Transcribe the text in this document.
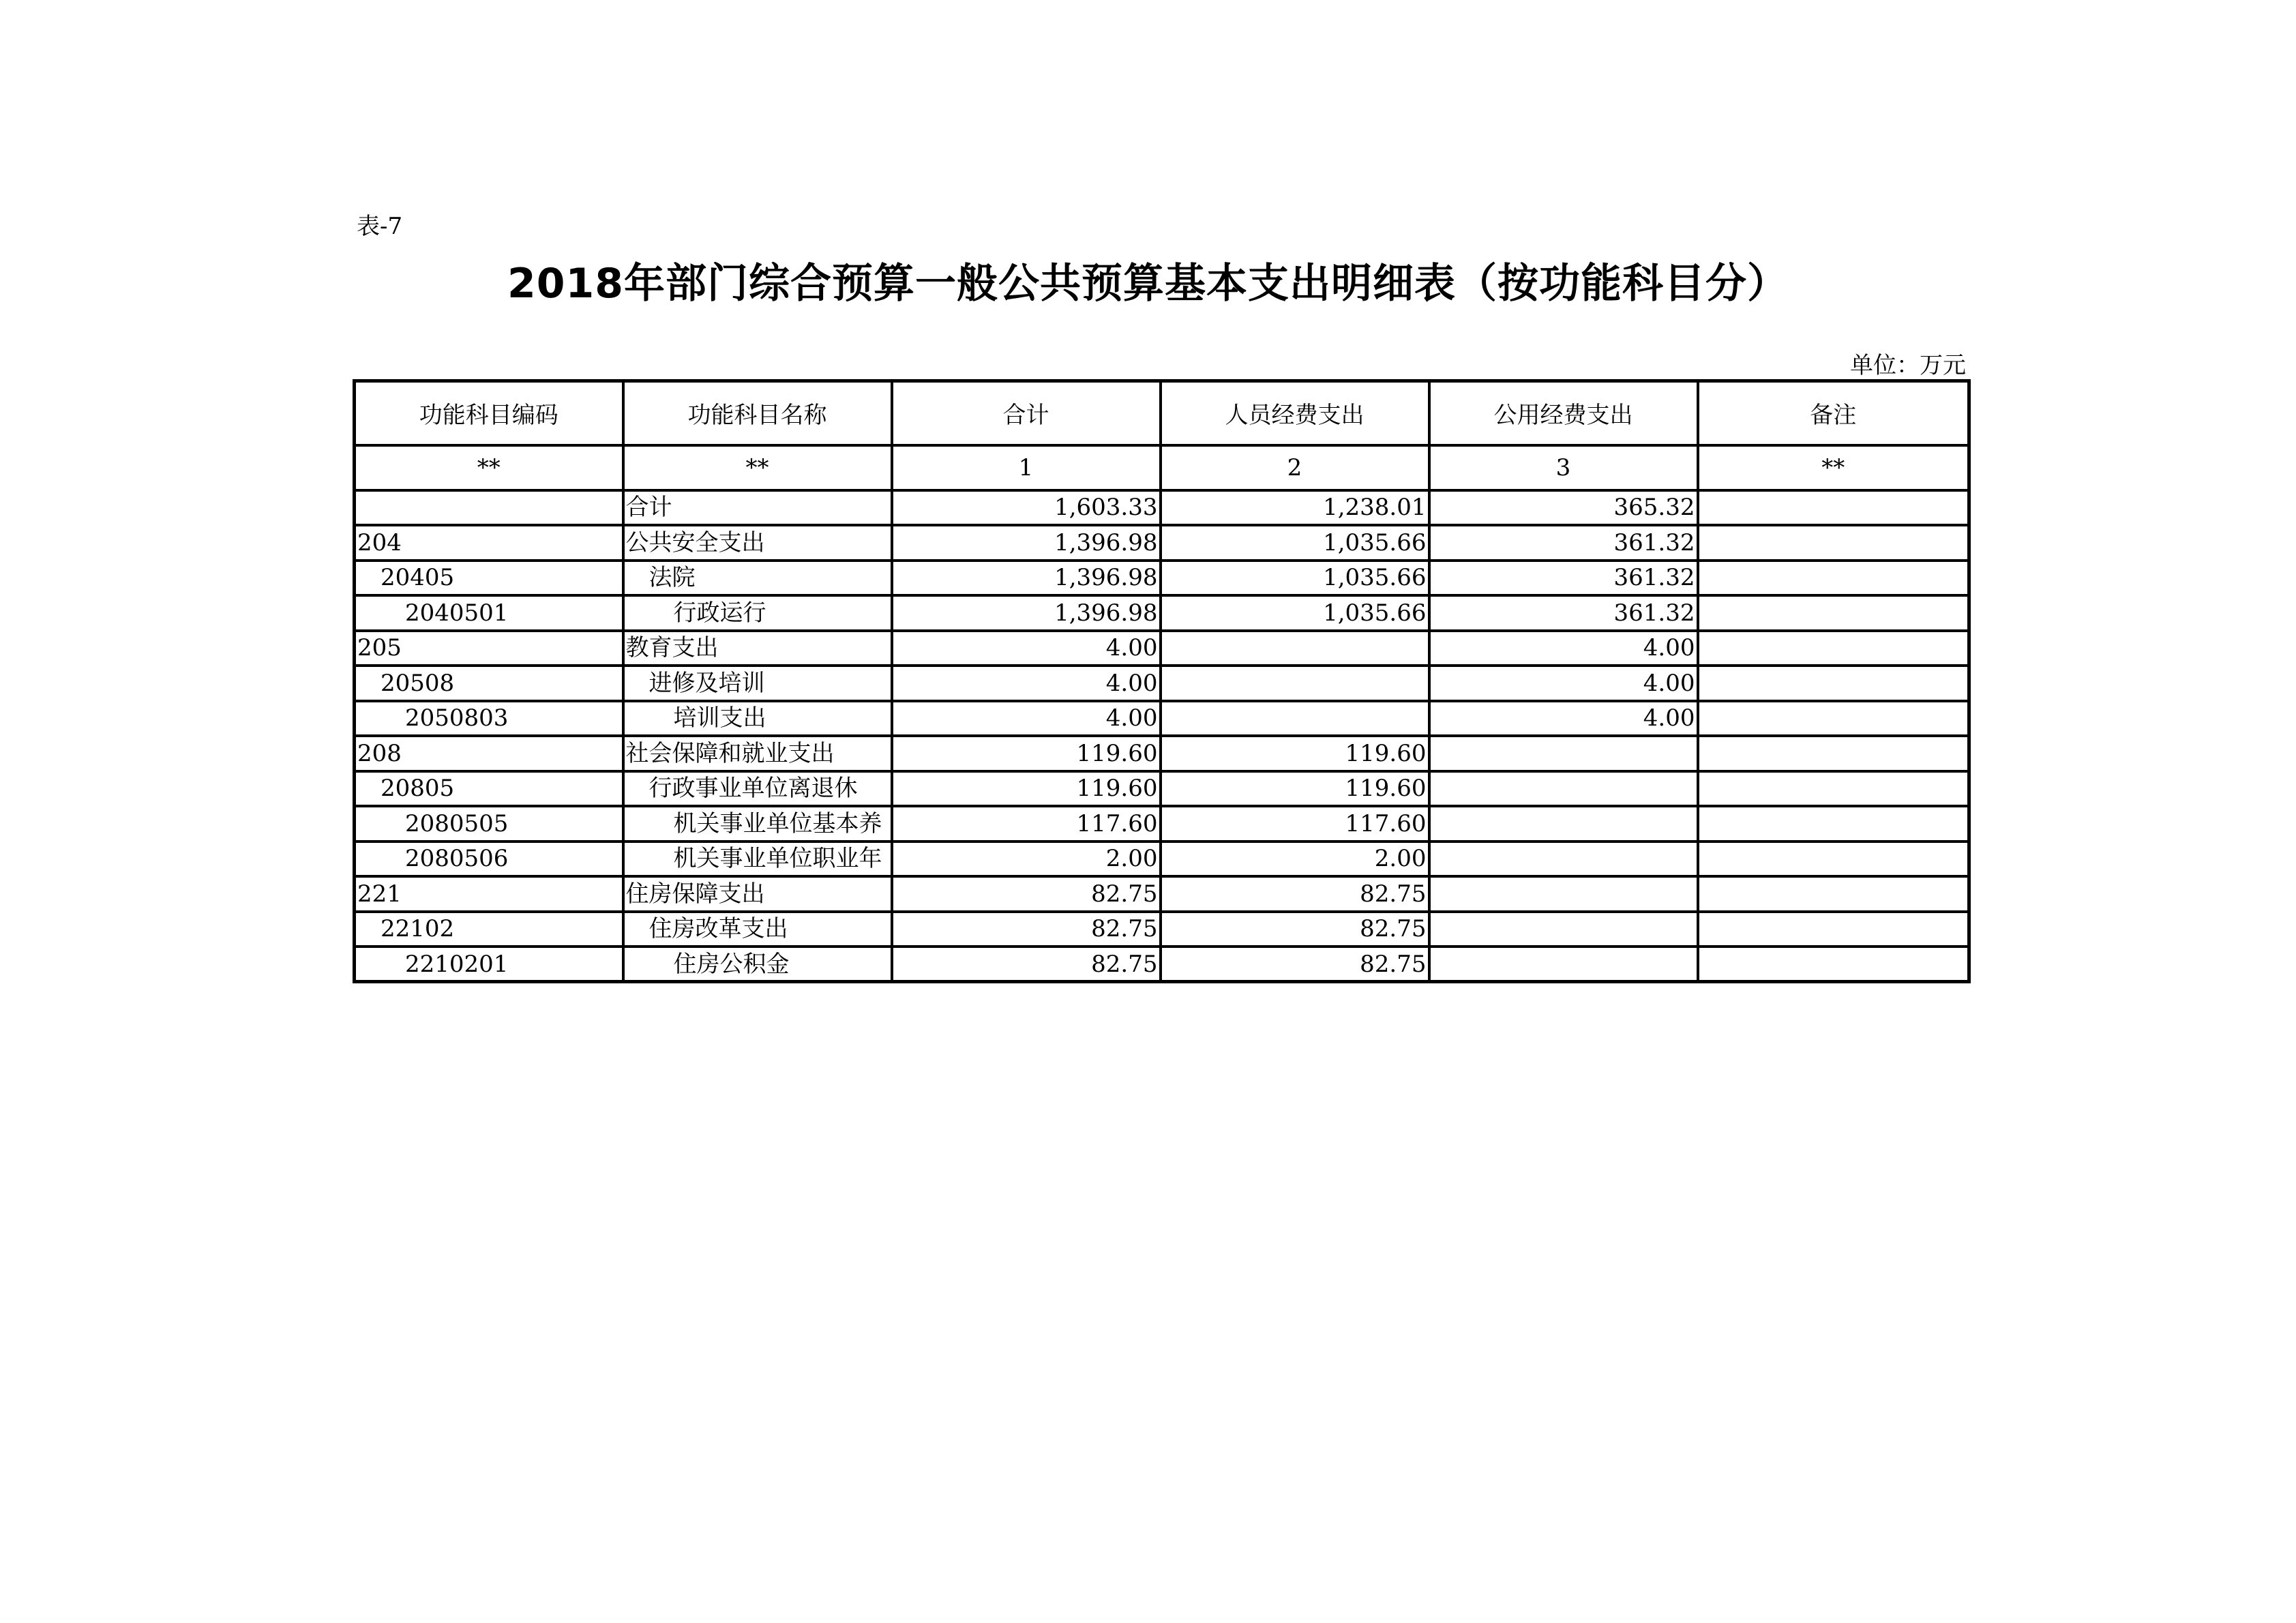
表-7
2018年部门综合预算一般公共预算基本支出明细表（按功能科目分）
单位：万元
功能科目编码	功能科目名称	合计	人员经费支出	公用经费支出	备注
**	**	1	2	3	**
	合计	1,603.33	1,238.01	365.32	
204	公共安全支出	1,396.98	1,035.66	361.32	
20405	法院	1,396.98	1,035.66	361.32	
2040501	行政运行	1,396.98	1,035.66	361.32	
205	教育支出	4.00		4.00	
20508	进修及培训	4.00		4.00	
2050803	培训支出	4.00		4.00	
208	社会保障和就业支出	119.60	119.60		
20805	行政事业单位离退休	119.60	119.60		
2080505	机关事业单位基本养	117.60	117.60		
2080506	机关事业单位职业年	2.00	2.00		
221	住房保障支出	82.75	82.75		
22102	住房改革支出	82.75	82.75		
2210201	住房公积金	82.75	82.75		
